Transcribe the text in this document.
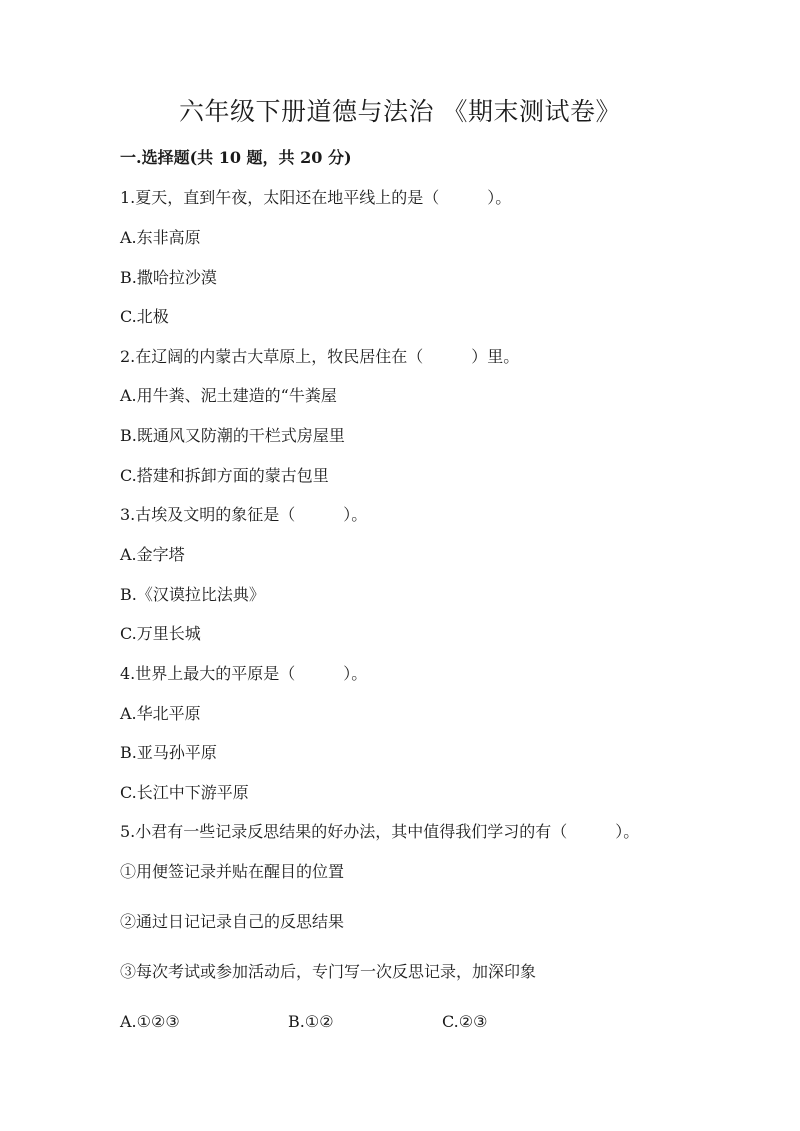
六年级下册道德与法治 《期末测试卷》
一.选择题(共 10 题，共 20 分)
1.夏天，直到午夜，太阳还在地平线上的是（　　　）。
A.东非高原
B.撒哈拉沙漠
C.北极
2.在辽阔的内蒙古大草原上，牧民居住在（　　　）里。
A.用牛粪、泥土建造的“牛粪屋
B.既通风又防潮的干栏式房屋里
C.搭建和拆卸方面的蒙古包里
3.古埃及文明的象征是（　　　）。
A.金字塔
B.《汉谟拉比法典》
C.万里长城
4.世界上最大的平原是（　　　）。
A.华北平原
B.亚马孙平原
C.长江中下游平原
5.小君有一些记录反思结果的好办法，其中值得我们学习的有（　　　）。
①用便签记录并贴在醒目的位置
②通过日记记录自己的反思结果
③每次考试或参加活动后，专门写一次反思记录，加深印象
A.①②③	B.①②	C.②③
